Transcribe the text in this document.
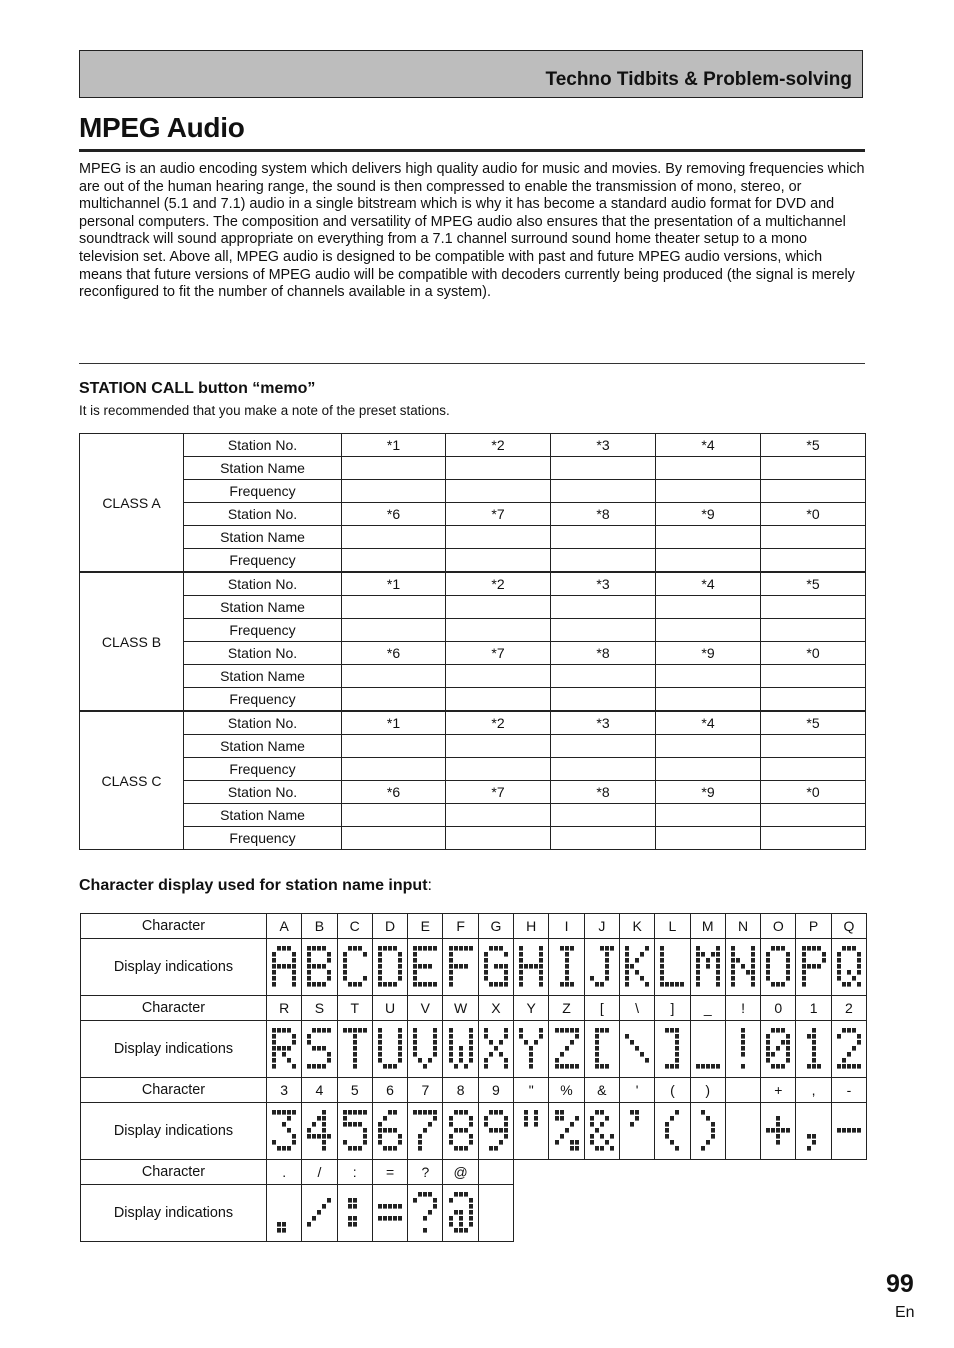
Techno Tidbits & Problem-solving
MPEG Audio

MPEG is an audio encoding system which delivers high quality audio for music and movies. By removing frequencies which are out of the human hearing range, the sound is then compressed to enable the transmission of mono, stereo, or multichannel (5.1 and 7.1) audio in a single bitstream which is why it has become a standard audio format for DVD and personal computers. The composition and versatility of MPEG audio also ensures that the presentation of a multichannel soundtrack will sound appropriate on everything from a 7.1 channel surround sound home theater setup to a mono television set. Above all, MPEG audio is designed to be compatible with past and future MPEG audio versions, which means that future versions of MPEG audio will be compatible with decoders currently being produced (the signal is merely reconfigured to fit the number of channels available in a system).

STATION CALL button “memo”
It is recommended that you make a note of the preset stations.
CLASS A	Station No.	*1	*2	*3	*4	*5
	Station Name					
	Frequency					
	Station No.	*6	*7	*8	*9	*0
	Station Name					
	Frequency					
CLASS B	Station No.	*1	*2	*3	*4	*5
	Station Name					
	Frequency					
	Station No.	*6	*7	*8	*9	*0
	Station Name					
	Frequency					
CLASS C	Station No.	*1	*2	*3	*4	*5
	Station Name					
	Frequency					
	Station No.	*6	*7	*8	*9	*0
	Station Name					
	Frequency					
Character display used for station name input:
Character	A	B	C	D	E	F	G	H	I	J	K	L	M	N	O	P	Q
Display indications	

Character	R	S	T	U	V	W	X	Y	Z	[	\	]	_	!	0	1	2
Display indications	

Character	3	4	5	6	7	8	9	"	%	&	'	(	)		+	,	-
Display indications	

Character	.	/	:	=	?	@											
Display indications	

99
En
